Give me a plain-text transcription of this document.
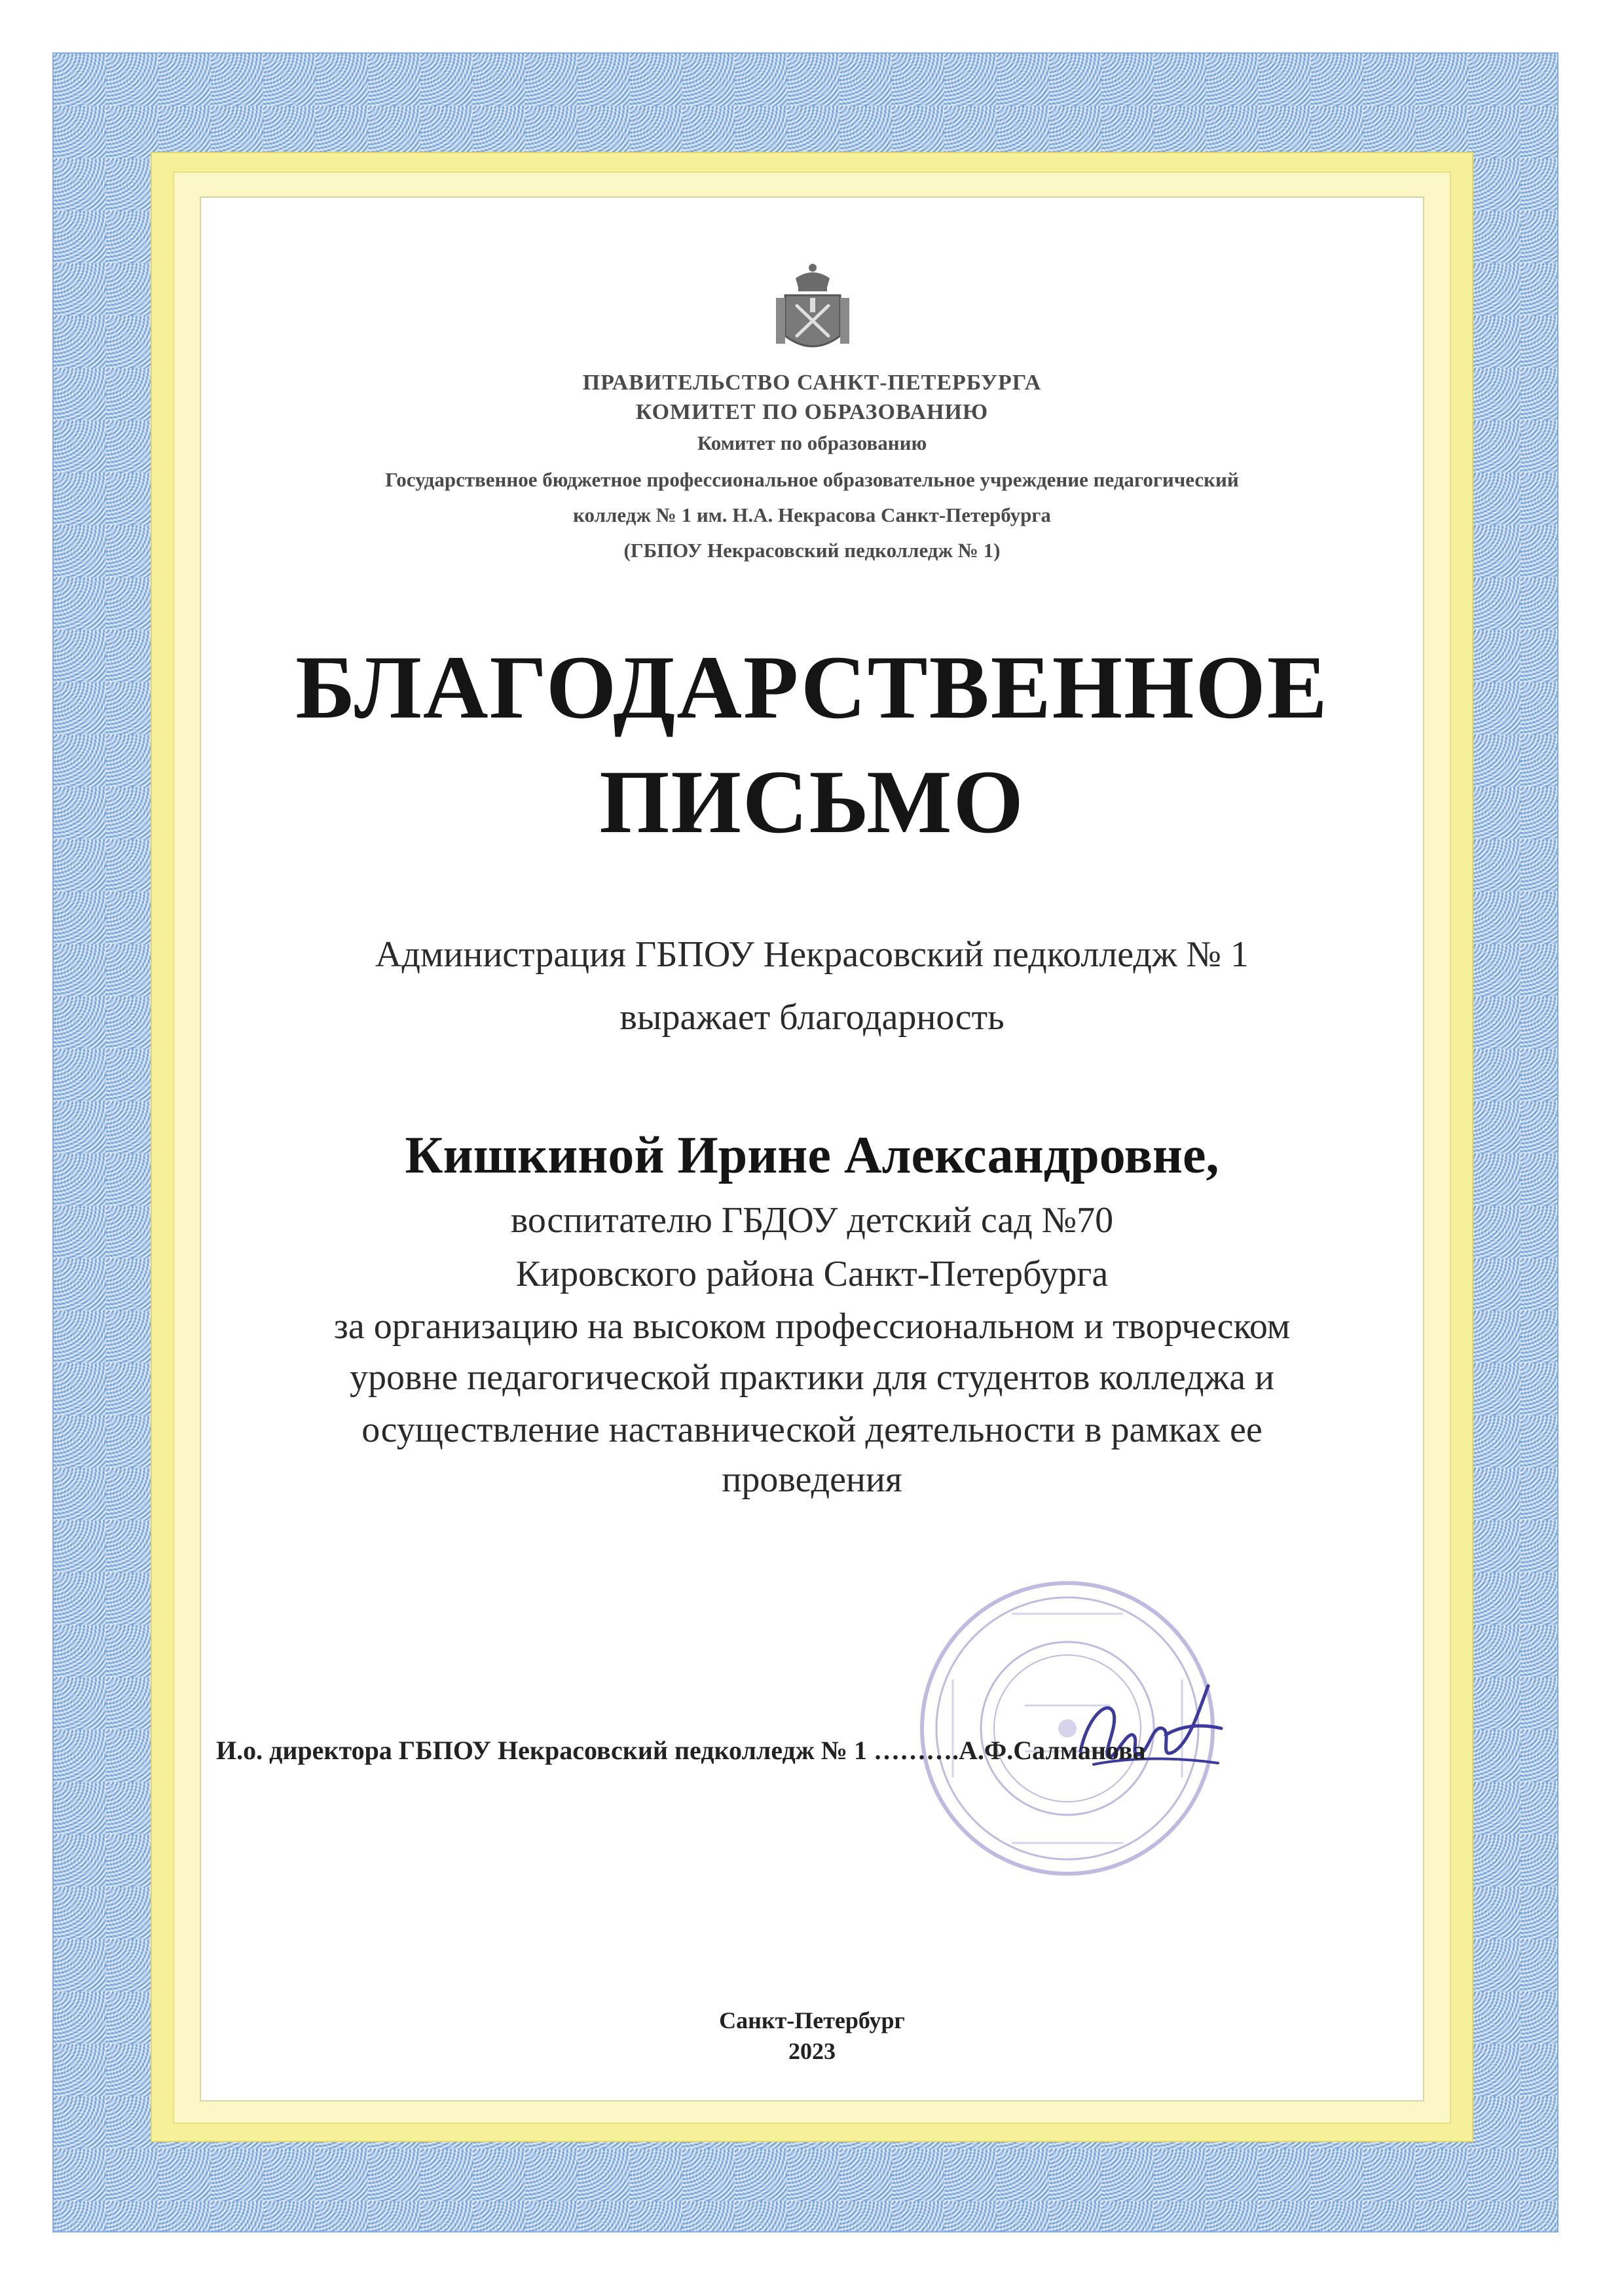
ПРАВИТЕЛЬСТВО САНКТ-ПЕТЕРБУРГА
КОМИТЕТ ПО ОБРАЗОВАНИЮ
Комитет по образованию
Государственное бюджетное профессиональное образовательное учреждение педагогический
колледж № 1 им. Н.А. Некрасова Санкт-Петербурга
(ГБПОУ Некрасовский педколледж № 1)
БЛАГОДАРСТВЕННОЕ
ПИСЬМО
Администрация ГБПОУ Некрасовский педколледж № 1
выражает благодарность
Кишкиной Ирине Александровне,
воспитателю ГБДОУ детский сад №70
Кировского района Санкт-Петербурга
за организацию на высоком профессиональном и творческом
уровне педагогической практики для студентов колледжа и
осуществление наставнической деятельности в рамках ее
проведения
И.о. директора ГБПОУ Некрасовский педколледж № 1 ……….А.Ф.Салманова
Санкт-Петербург
2023
